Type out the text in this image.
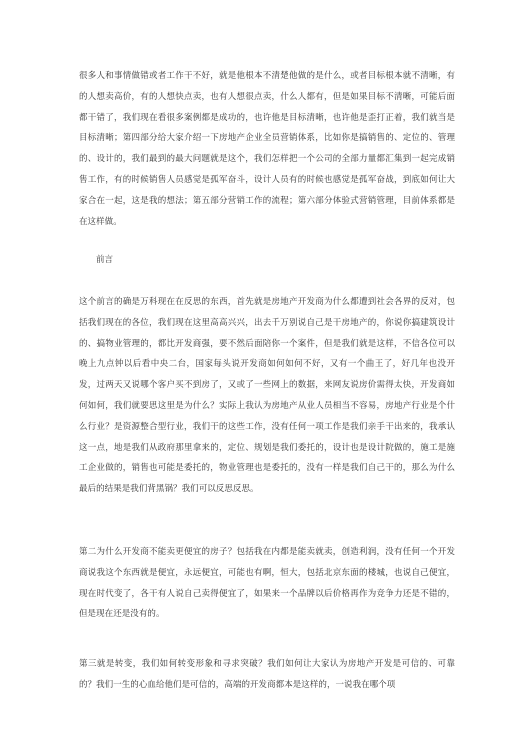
很多人和事情做错或者工作干不好，就是他根本不清楚他做的是什么，或者目标根本就不清晰，有的人想卖高价，有的人想快点卖，也有人想很点卖，什么人都有，但是如果目标不清晰，可能后面都干错了，我们现在看很多案例都是成功的，也许他是目标清晰，也许他是歪打正着，我们就当是目标清晰；第四部分给大家介绍一下房地产企业全员营销体系，比如你是搞销售的、定位的、管理的、设计的，我们最到的最大问题就是这个，我们怎样把一个公司的全部力量都汇集到一起完成销售工作，有的时候销售人员感觉是孤军奋斗，设计人员有的时候也感觉是孤军奋战，到底如何让大家合在一起，这是我的想法；第五部分营销工作的流程；第六部分体验式营销管理，目前体系都是在这样做。

前言

这个前言的确是万科现在在反思的东西，首先就是房地产开发商为什么都遭到社会各界的反对，包括我们现在的各位，我们现在这里高高兴兴，出去千万别说自己是干房地产的，你说你搞建筑设计的、搞物业管理的，都比开发商强，要不然后面陪你一个案件，但是我们就是这样，不信各位可以晚上九点钟以后看中央二台，国家每头说开发商如何如何不好，又有一个曲王了，好几年也没开发，过两天又说哪个客户买不到房了，又或了一些网上的数据，来网友说房价需得太快，开发商如何如何，我们就要思这里是为什么？实际上我认为房地产从业人员相当不容易，房地产行业是个什么行业？是资源整合型行业，我们干的这些工作，没有任何一项工作是我们亲手干出来的，我承认这一点，地是我们从政府那里拿来的，定位、规划是我们委托的，设计也是设计院做的，施工是施工企业做的，销售也可能是委托的，物业管理也是委托的，没有一样是我们自己干的，那么为什么最后的结果是我们背黑锅？我们可以反思反思。

第二为什么开发商不能卖更便宜的房子？包括我在内都是能卖就卖，创造利润，没有任何一个开发商说我这个东西就是便宜，永远便宜，可能也有啊，恒大，包括北京东面的楼城，也说自己便宜，现在时代变了，各干有人说自己卖得便宜了，如果来一个品牌以后价格再作为竞争力还是不错的，但是现在还是没有的。

第三就是转变，我们如何转变形象和寻求突破？我们如何让大家认为房地产开发是可信的、可靠的？我们一生的心血给他们是可信的，高端的开发商都本是这样的，一说我在哪个项
